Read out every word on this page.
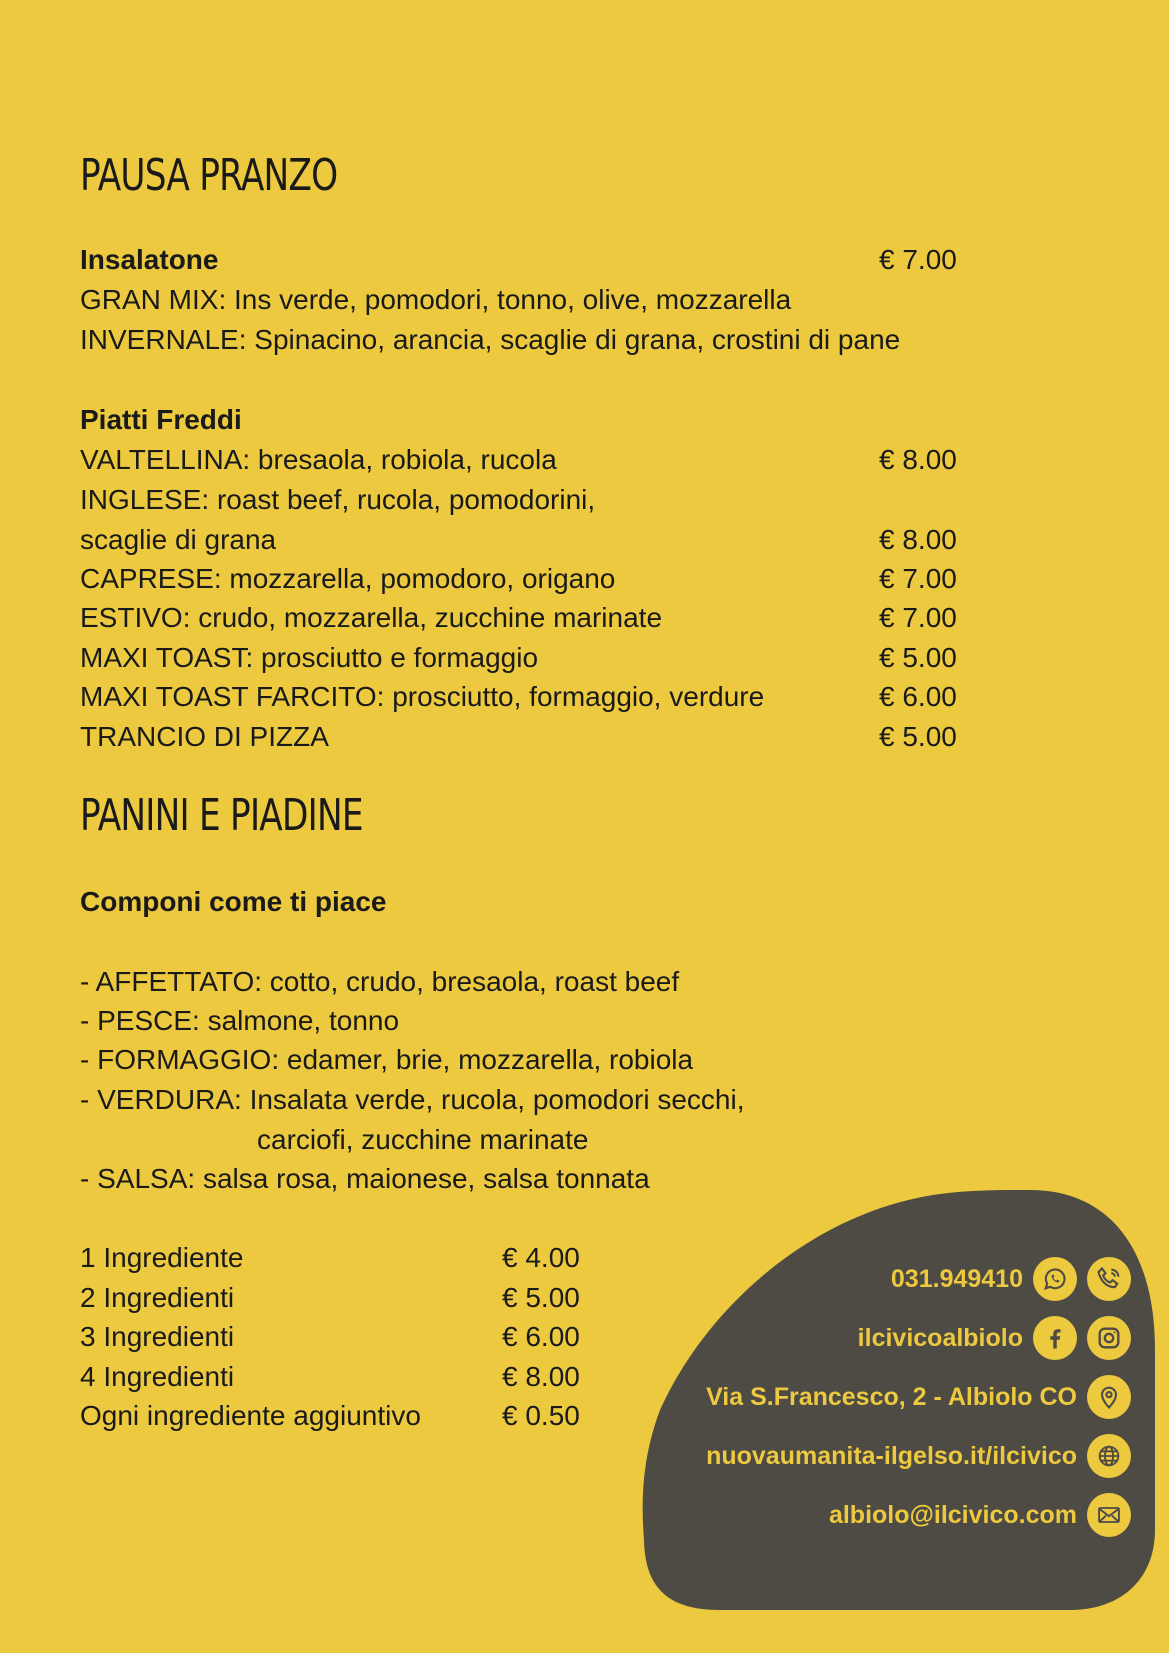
PAUSA PRANZO
Insalatone	€ 7.00
GRAN MIX: Ins verde, pomodori, tonno, olive, mozzarella
INVERNALE: Spinacino, arancia, scaglie di grana, crostini di pane
Piatti Freddi
VALTELLINA: bresaola, robiola, rucola	€ 8.00
INGLESE: roast beef, rucola, pomodorini,
scaglie di grana	€ 8.00
CAPRESE: mozzarella, pomodoro, origano	€ 7.00
ESTIVO: crudo, mozzarella, zucchine marinate	€ 7.00
MAXI TOAST: prosciutto e formaggio	€ 5.00
MAXI TOAST FARCITO: prosciutto, formaggio, verdure	€ 6.00
TRANCIO DI PIZZA	€ 5.00
PANINI E PIADINE
Componi come ti piace
- AFFETTATO: cotto, crudo, bresaola, roast beef
- PESCE: salmone, tonno
- FORMAGGIO: edamer, brie, mozzarella, robiola
- VERDURA: Insalata verde, rucola, pomodori secchi,
carciofi, zucchine marinate
- SALSA: salsa rosa, maionese, salsa tonnata
1 Ingrediente	€ 4.00
2 Ingredienti	€ 5.00
3 Ingredienti	€ 6.00
4 Ingredienti	€ 8.00
Ogni ingrediente aggiuntivo	€ 0.50
031.949410
ilcivicoalbiolo
Via S.Francesco, 2 - Albiolo CO
nuovaumanita-ilgelso.it/ilcivico
albiolo@ilcivico.com
